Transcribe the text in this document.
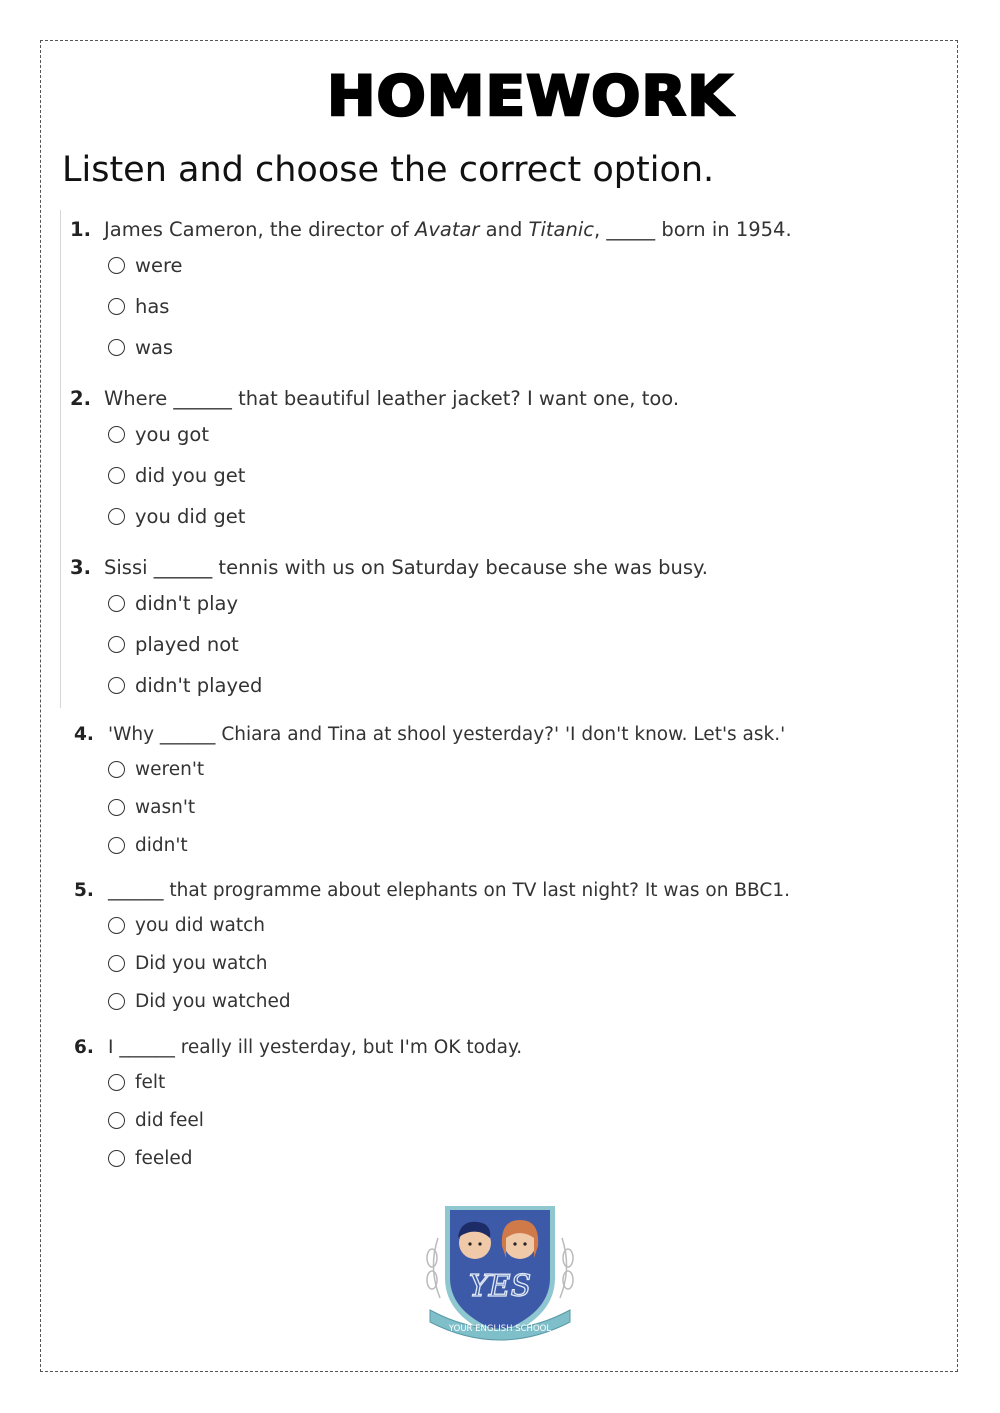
HOMEWORK
Listen and choose the correct option.
1. James Cameron, the director of Avatar and Titanic, _____ born in 1954.
were
has
was
2. Where ______ that beautiful leather jacket? I want one, too.
you got
did you get
you did get
3. Sissi ______ tennis with us on Saturday because she was busy.
didn't play
played not
didn't played
4. 'Why ______ Chiara and Tina at shool yesterday?' 'I don't know. Let's ask.'
weren't
wasn't
didn't
5. ______ that programme about elephants on TV last night? It was on BBC1.
you did watch
Did you watch
Did you watched
6. I ______ really ill yesterday, but I'm OK today.
felt
did feel
feeled
YES
YOUR ENGLISH SCHOOL
